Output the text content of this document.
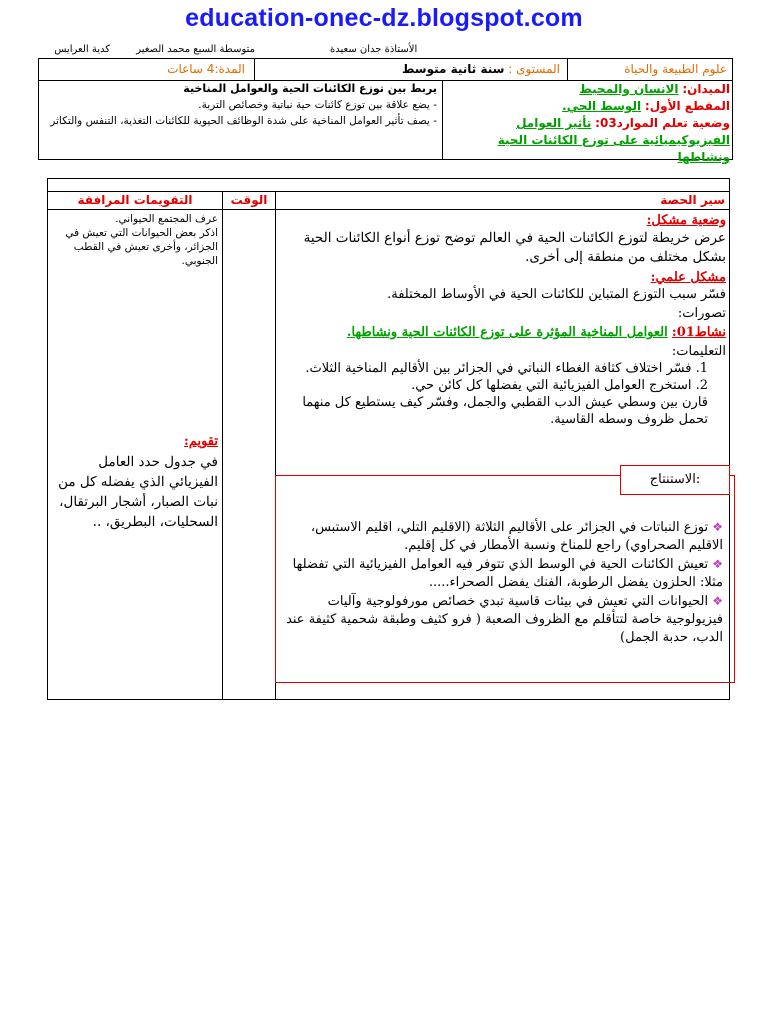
education-onec-dz.blogspot.com
الأستاذة جدان سعيدة
متوسطة السبع محمد الصغير
كدية العرايس
علوم الطبيعة والحياة
المستوى : سنة ثانية متوسط
المدة:4 ساعات
الميدان: الانسان والمحيط
المقطع الأول: الوسط الحي.
وضعية تعلم الموارد03: تأثير العوامل الفيزيوكيميائية على توزع الكائنات الحية ونشاطها
يربط بين توزع الكائنات الحية والعوامل المناخية
- يضع علاقة بين توزع كائنات حية نباتية وخصائص التربة.
- يصف تأثير العوامل المناخية على شدة الوظائف الحيوية للكائنات التغذية، التنفس والتكاثر
سير الحصة
الوقت
التقويمات المرافقة
وضعية مشكل:
عرض خريطة لتوزع الكائنات الحية في العالم توضح توزع أنواع الكائنات الحية بشكل مختلف من منطقة إلى أخرى.
مشكل علمي:
فسّر سبب التوزع المتباين للكائنات الحية في الأوساط المختلفة.
تصورات:
نشاط01: العوامل المناخية المؤثرة على توزع الكائنات الحية ونشاطها.
التعليمات:
1. فسّر اختلاف كثافة الغطاء النباتي في الجزائر بين الأقاليم المناخية الثلاث.
2. استخرج العوامل الفيزيائية التي يفضلها كل كائن حي.
قارن بين وسطي عيش الدب القطبي والجمل، وفسّر كيف يستطيع كل منهما تحمل ظروف وسطه القاسية.
الاستنتاج:
❖ توزع النباتات في الجزائر على الأقاليم الثلاثة (الاقليم التلي، اقليم الاستبس، الاقليم الصحراوي) راجع للمناخ ونسبة الأمطار في كل إقليم.
❖ تعيش الكائنات الحية في الوسط الذي تتوفر فيه العوامل الفيزيائية التي تفضلها مثلا: الحلزون يفضل الرطوبة، الفنك يفضل الصحراء.....
❖ الحيوانات التي تعيش في بيئات قاسية تبدي خصائص مورفولوجية وآليات فيزيولوجية خاصة لتتأقلم مع الظروف الصعبة ( فرو كثيف وطبقة شحمية كثيفة عند الدب، حدبة الجمل)
عرف المجتمع الحيواني.
اذكر بعض الحيوانات التي تعيش في الجزائر، وأخرى تعيش في القطب الجنوبي.
تقويم:
في جدول حدد العامل الفيزيائي الذي يفضله كل من نبات الصبار، أشجار البرتقال، السحليات، البطريق، ..
